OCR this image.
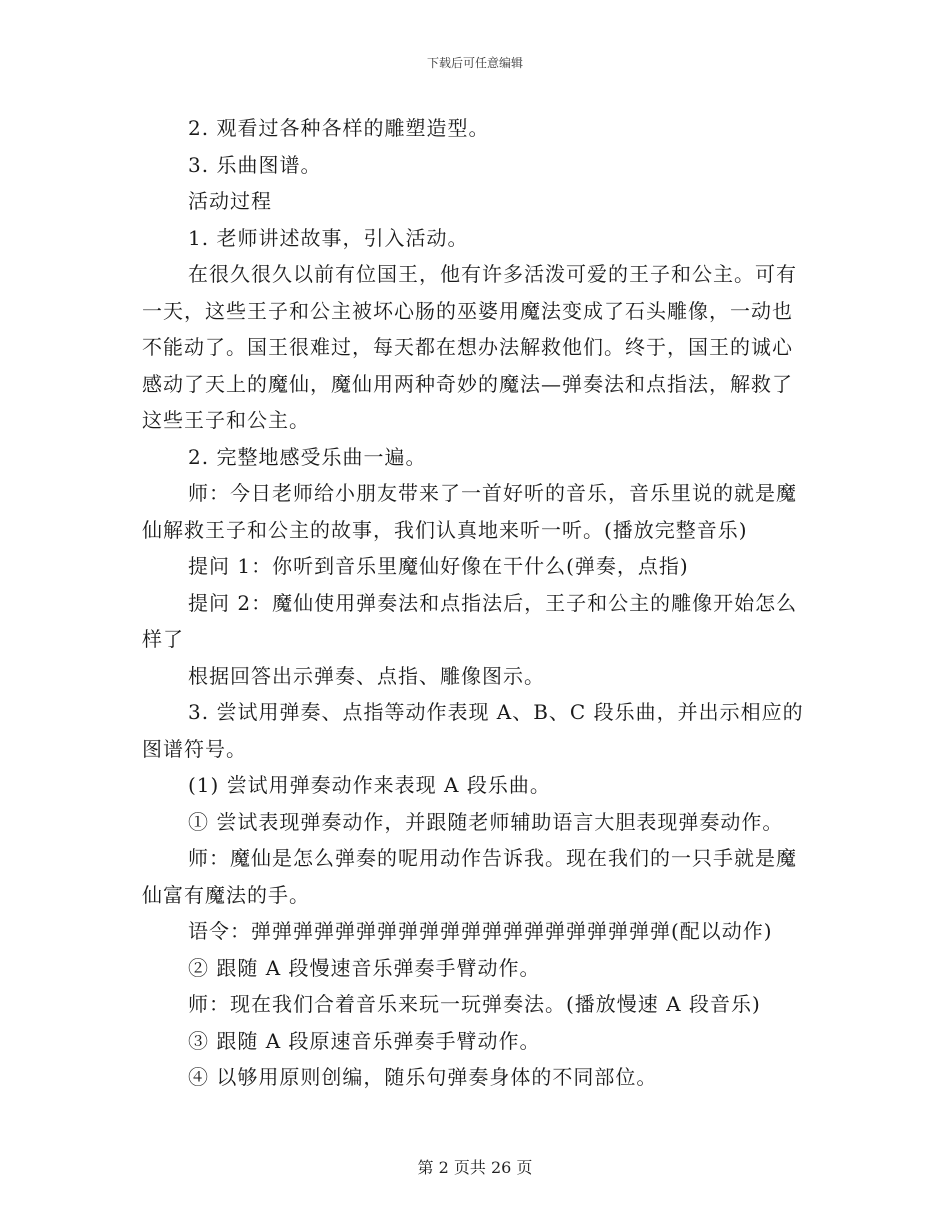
下载后可任意编辑

2. 观看过各种各样的雕塑造型。

3. 乐曲图谱。

活动过程

1. 老师讲述故事，引入活动。

在很久很久以前有位国王，他有许多活泼可爱的王子和公主。可有一天，这些王子和公主被坏心肠的巫婆用魔法变成了石头雕像，一动也不能动了。国王很难过，每天都在想办法解救他们。终于，国王的诚心感动了天上的魔仙，魔仙用两种奇妙的魔法—弹奏法和点指法，解救了这些王子和公主。

2. 完整地感受乐曲一遍。

师：今日老师给小朋友带来了一首好听的音乐，音乐里说的就是魔仙解救王子和公主的故事，我们认真地来听一听。(播放完整音乐)

提问 1：你听到音乐里魔仙好像在干什么(弹奏，点指)

提问 2：魔仙使用弹奏法和点指法后，王子和公主的雕像开始怎么样了

根据回答出示弹奏、点指、雕像图示。

3. 尝试用弹奏、点指等动作表现 A、B、C 段乐曲，并出示相应的图谱符号。

(1) 尝试用弹奏动作来表现 A 段乐曲。

① 尝试表现弹奏动作，并跟随老师辅助语言大胆表现弹奏动作。

师：魔仙是怎么弹奏的呢用动作告诉我。现在我们的一只手就是魔仙富有魔法的手。

语令：弹弹弹弹弹弹弹弹弹弹弹弹弹弹弹弹弹弹弹弹(配以动作)

② 跟随 A 段慢速音乐弹奏手臂动作。

师：现在我们合着音乐来玩一玩弹奏法。(播放慢速 A 段音乐)

③ 跟随 A 段原速音乐弹奏手臂动作。

④ 以够用原则创编，随乐句弹奏身体的不同部位。

第 2 页共 26 页
